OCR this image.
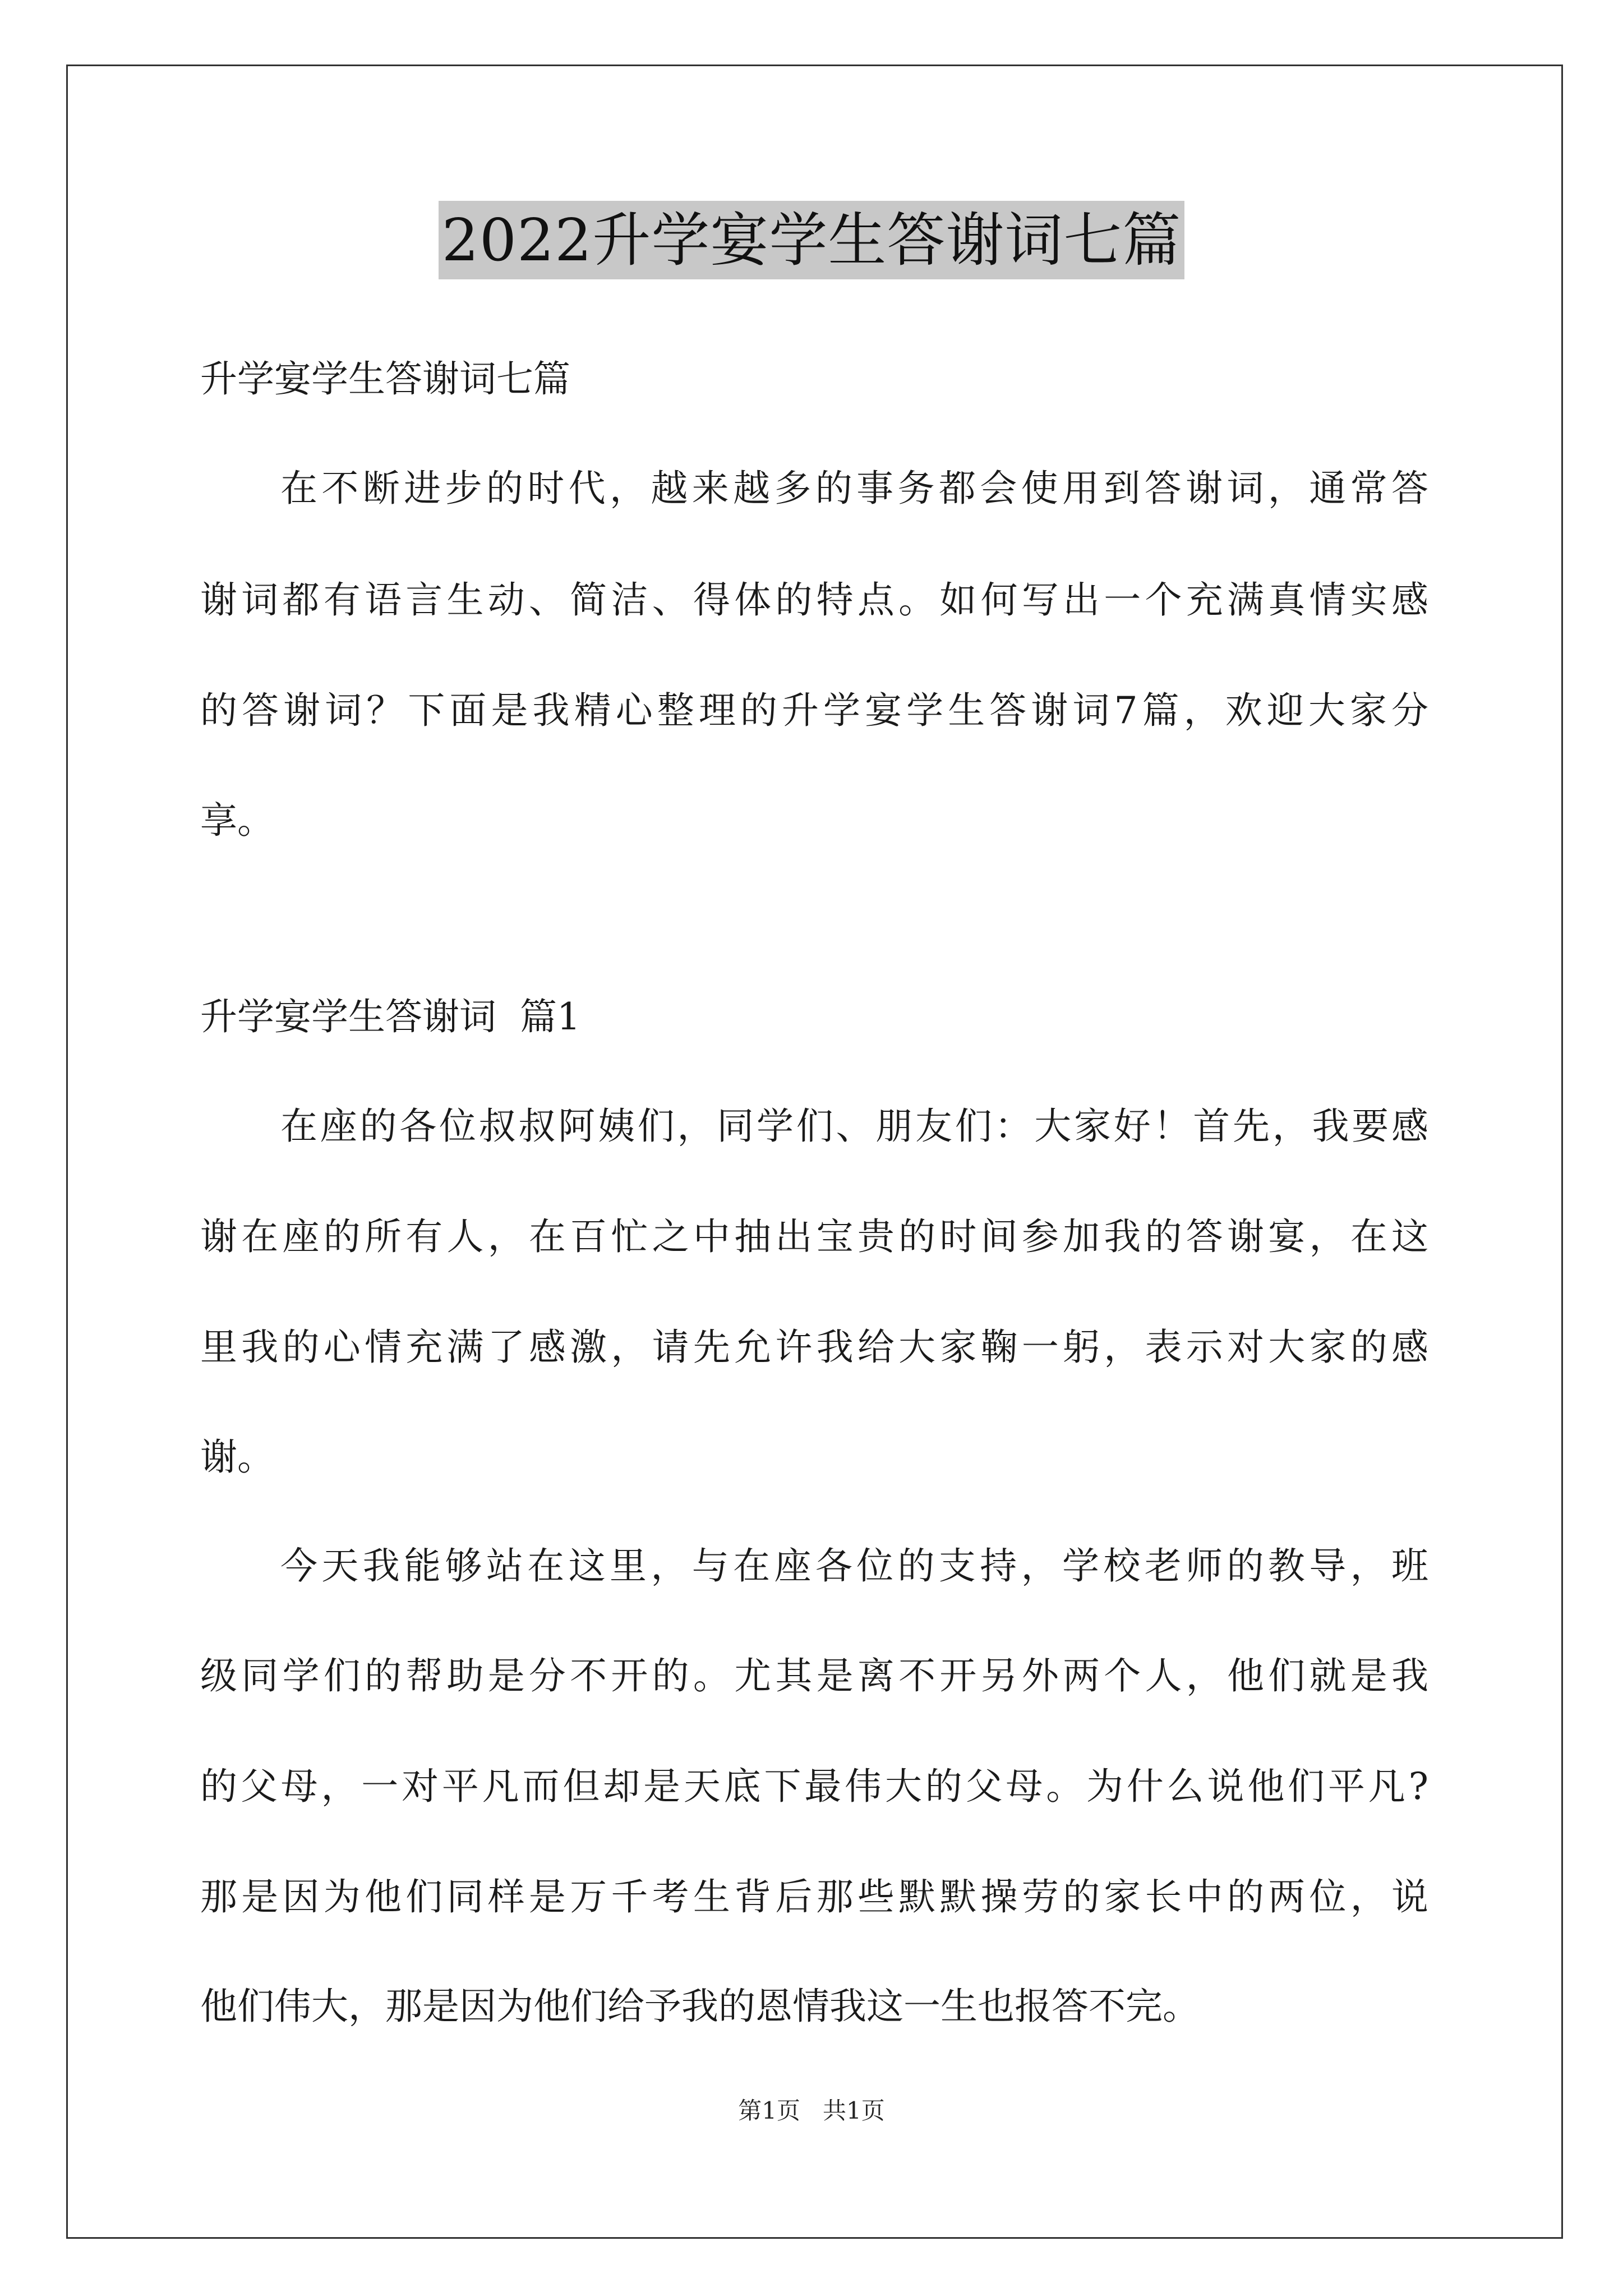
2022升学宴学生答谢词七篇
升学宴学生答谢词七篇
在不断进步的时代，越来越多的事务都会使用到答谢词，通常答
谢词都有语言生动、简洁、得体的特点。如何写出一个充满真情实感
的答谢词？下面是我精心整理的升学宴学生答谢词7篇，欢迎大家分
享。
升学宴学生答谢词  篇1
在座的各位叔叔阿姨们，同学们、朋友们：大家好！首先，我要感
谢在座的所有人，在百忙之中抽出宝贵的时间参加我的答谢宴，在这
里我的心情充满了感激，请先允许我给大家鞠一躬，表示对大家的感
谢。
今天我能够站在这里，与在座各位的支持，学校老师的教导，班
级同学们的帮助是分不开的。尤其是离不开另外两个人，他们就是我
的父母，一对平凡而但却是天底下最伟大的父母。为什么说他们平凡?
那是因为他们同样是万千考生背后那些默默操劳的家长中的两位，说
他们伟大，那是因为他们给予我的恩情我这一生也报答不完。
第1页   共1页
